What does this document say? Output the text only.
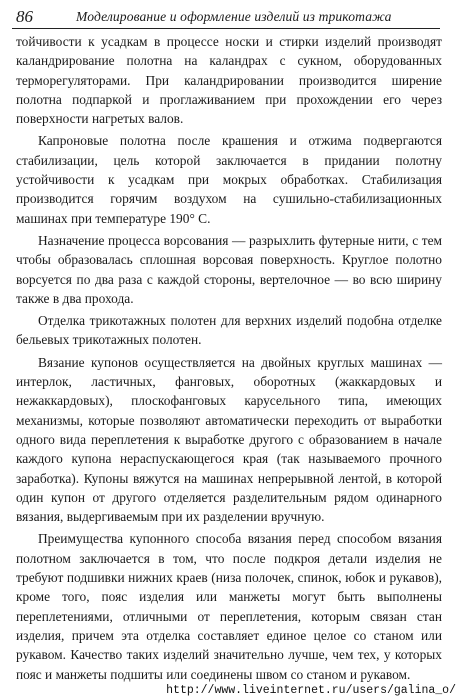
86	Моделирование и оформление изделий из трикотажа

тойчивости к усадкам в процессе носки и стирки изделий производят каландрирование полотна на каландрах с сукном, оборудованных терморегуляторами. При каландрировании производится ширение полотна подпаркой и проглаживанием при прохождении его через поверхности нагретых валов.

Капроновые полотна после крашения и отжима подвергаются стабилизации, цель которой заключается в придании полотну устойчивости к усадкам при мокрых обработках. Стабилизация производится горячим воздухом на сушильно-стабилизационных машинах при температуре 190° С.

Назначение процесса ворсования — разрыхлить футерные нити, с тем чтобы образовалась сплошная ворсовая поверхность. Круглое полотно ворсуется по два раза с каждой стороны, вертелочное — во всю ширину также в два прохода.

Отделка трикотажных полотен для верхних изделий подобна отделке бельевых трикотажных полотен.

Вязание купонов осуществляется на двойных круглых машинах — интерлок, ластичных, фанговых, оборотных (жаккардовых и нежаккардовых), плоскофанговых карусельного типа, имеющих механизмы, которые позволяют автоматически переходить от выработки одного вида переплетения к выработке другого с образованием в начале каждого купона нераспускающегося края (так называемого прочного заработка). Купоны вяжутся на машинах непрерывной лентой, в которой один купон от другого отделяется разделительным рядом одинарного вязания, выдергиваемым при их разделении вручную.

Преимущества купонного способа вязания перед способом вязания полотном заключается в том, что после подкроя детали изделия не требуют подшивки нижних краев (низа полочек, спинок, юбок и рукавов), кроме того, пояс изделия или манжеты могут быть выполнены переплетениями, отличными от переплетения, которым связан стан изделия, причем эта отделка составляет единое целое со станом или рукавом. Качество таких изделий значительно лучше, чем тех, у которых пояс и манжеты подшиты или соединены швом со станом и рукавом.

http://www.liveinternet.ru/users/galina_o/
